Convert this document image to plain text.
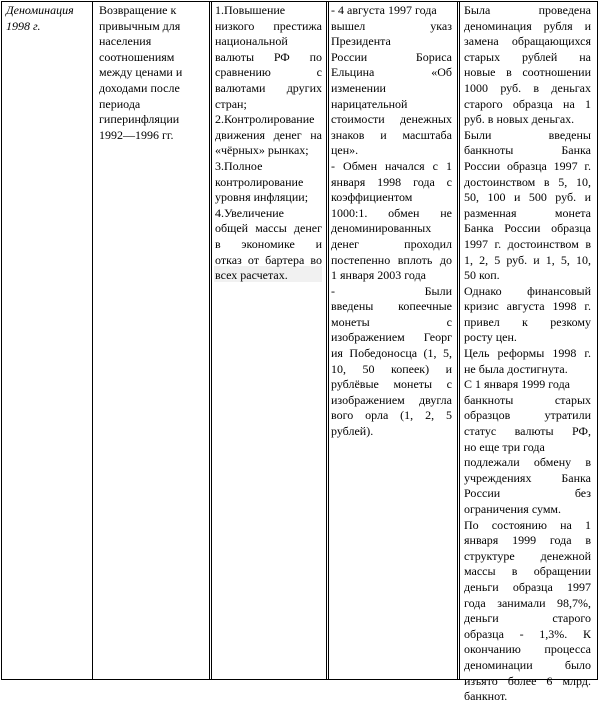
Деноминация
1998 г.
Возвращение к
привычным для
населения
соотношениям
между ценами и
доходами после
периода
гиперинфляции
1992—1996 гг.
1.Повышение
низкого престижа
национальной
валюты РФ по
сравнению с
валютами других
стран;
2.Контролирование
движения денег на
«чёрных» рынках;
3.Полное
контролирование
уровня инфляции;
4.Увеличение
общей массы денег
в экономике и
отказ от бартера во
всех расчетах.
- 4 августа 1997 года
вышел указ
Президента
России Бориса
Ельцина «Об
изменении
нарицательной
стоимости денежных
знаков и масштаба
цен».
- Обмен начался с 1
января 1998 года с
коэффициентом
1000:1. обмен не
деноминированных
денег проходил
постепенно вплоть до
1 января 2003 года
- Были
введены копеечные
монеты с
изображением Георг
ия Победоносца (1, 5,
10, 50 копеек) и
рублёвые монеты с
изображением двугла
вого орла (1, 2, 5
рублей).
Была проведена
деноминация рубля и
замена обращающихся
старых рублей на
новые в соотношении
1000 руб. в деньгах
старого образца на 1
руб. в новых деньгах.
Были введены
банкноты Банка
России образца 1997 г.
достоинством в 5, 10,
50, 100 и 500 руб. и
разменная монета
Банка России образца
1997 г. достоинством в
1, 2, 5 руб. и 1, 5, 10,
50 коп.
Однако финансовый
кризис августа 1998 г.
привел к резкому
росту цен.
Цель реформы 1998 г.
не была достигнута.
С 1 января 1999 года
банкноты старых
образцов утратили
статус валюты РФ,
но еще три года
подлежали обмену в
учреждениях Банка
России без
ограничения сумм.
По состоянию на 1
января 1999 года в
структуре денежной
массы в обращении
деньги образца 1997
года занимали 98,7%,
деньги старого
образца - 1,3%. К
окончанию процесса
деноминации было
изъято более 6 млрд.
банкнот.
